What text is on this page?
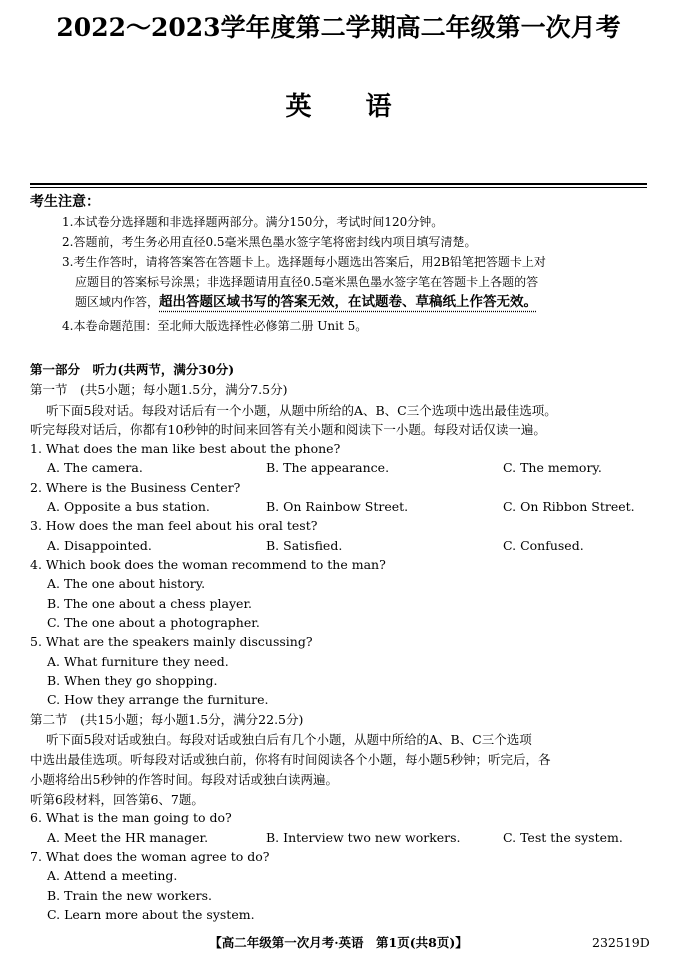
2022～2023学年度第二学期高二年级第一次月考
英语
考生注意：
1.本试卷分选择题和非选择题两部分。满分150分，考试时间120分钟。
2.答题前，考生务必用直径0.5毫米黑色墨水签字笔将密封线内项目填写清楚。
3.考生作答时，请将答案答在答题卡上。选择题每小题选出答案后，用2B铅笔把答题卡上对
应题目的答案标号涂黑；非选择题请用直径0.5毫米黑色墨水签字笔在答题卡上各题的答
题区域内作答，超出答题区域书写的答案无效，在试题卷、草稿纸上作答无效。
4.本卷命题范围：至北师大版选择性必修第二册 Unit 5。
第一部分　听力(共两节，满分30分)
第一节　(共5小题；每小题1.5分，满分7.5分)
听下面5段对话。每段对话后有一个小题，从题中所给的A、B、C三个选项中选出最佳选项。
听完每段对话后，你都有10秒钟的时间来回答有关小题和阅读下一小题。每段对话仅读一遍。
1. What does the man like best about the phone?
A. The camera.	B. The appearance.	C. The memory.
2. Where is the Business Center?
A. Opposite a bus station.	B. On Rainbow Street.	C. On Ribbon Street.
3. How does the man feel about his oral test?
A. Disappointed.	B. Satisfied.	C. Confused.
4. Which book does the woman recommend to the man?
A. The one about history.
B. The one about a chess player.
C. The one about a photographer.
5. What are the speakers mainly discussing?
A. What furniture they need.
B. When they go shopping.
C. How they arrange the furniture.
第二节　(共15小题；每小题1.5分，满分22.5分)
听下面5段对话或独白。每段对话或独白后有几个小题，从题中所给的A、B、C三个选项
中选出最佳选项。听每段对话或独白前，你将有时间阅读各个小题，每小题5秒钟；听完后，各
小题将给出5秒钟的作答时间。每段对话或独白读两遍。
听第6段材料，回答第6、7题。
6. What is the man going to do?
A. Meet the HR manager.	B. Interview two new workers.	C. Test the system.
7. What does the woman agree to do?
A. Attend a meeting.
B. Train the new workers.
C. Learn more about the system.
【高二年级第一次月考·英语　第1页(共8页)】	232519D
